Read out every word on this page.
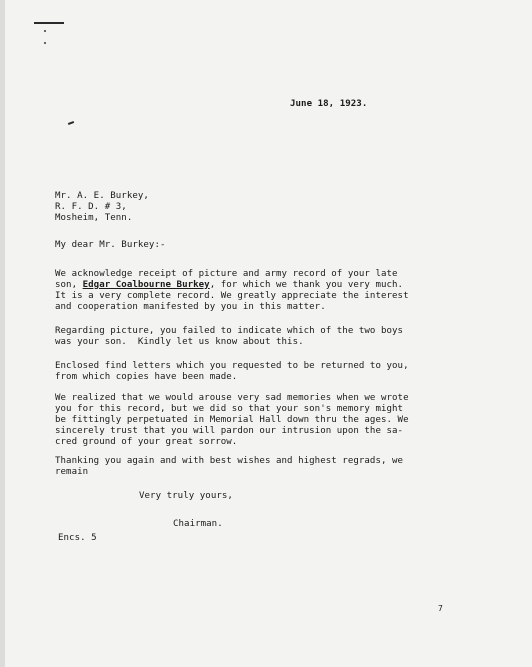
June 18, 1923.
Mr. A. E. Burkey,
R. F. D. # 3,
Mosheim, Tenn.
My dear Mr. Burkey:-
We acknowledge receipt of picture and army record of your late
son, Edgar Coalbourne Burkey, for which we thank you very much.
It is a very complete record. We greatly appreciate the interest
and cooperation manifested by you in this matter.
Regarding picture, you failed to indicate which of the two boys
was your son.  Kindly let us know about this.
Enclosed find letters which you requested to be returned to you,
from which copies have been made.
We realized that we would arouse very sad memories when we wrote
you for this record, but we did so that your son's memory might
be fittingly perpetuated in Memorial Hall down thru the ages. We
sincerely trust that you will pardon our intrusion upon the sa-
cred ground of your great sorrow.
Thanking you again and with best wishes and highest regrads, we
remain
Very truly yours,
Chairman.
Encs. 5
7
